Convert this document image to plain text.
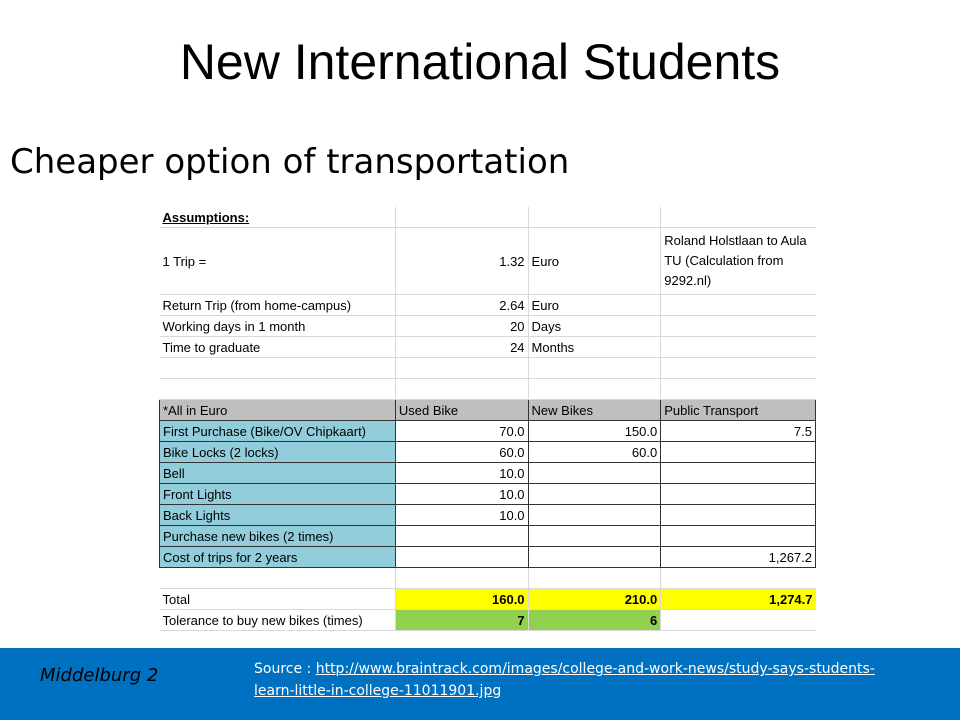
New International Students
Cheaper option of transportation
Assumptions:			
1 Trip =	1.32	Euro	Roland Holstlaan to Aula TU (Calculation from 9292.nl)
Return Trip (from home-campus)	2.64	Euro	
Working days in 1 month	20	Days	
Time to graduate	24	Months	

*All in Euro	Used Bike	New Bikes	Public Transport
First Purchase (Bike/OV Chipkaart)	70.0	150.0	7.5
Bike Locks (2 locks)	60.0	60.0	
Bell	10.0		
Front Lights	10.0		
Back Lights	10.0		
Purchase new bikes (2 times)			
Cost of trips for 2 years			1,267.2

Total	160.0	210.0	1,274.7
Tolerance to buy new bikes (times)	7	6	
Middelburg 2	Source : http://www.braintrack.com/images/college-and-work-news/study-says-students-learn-little-in-college-11011901.jpg
